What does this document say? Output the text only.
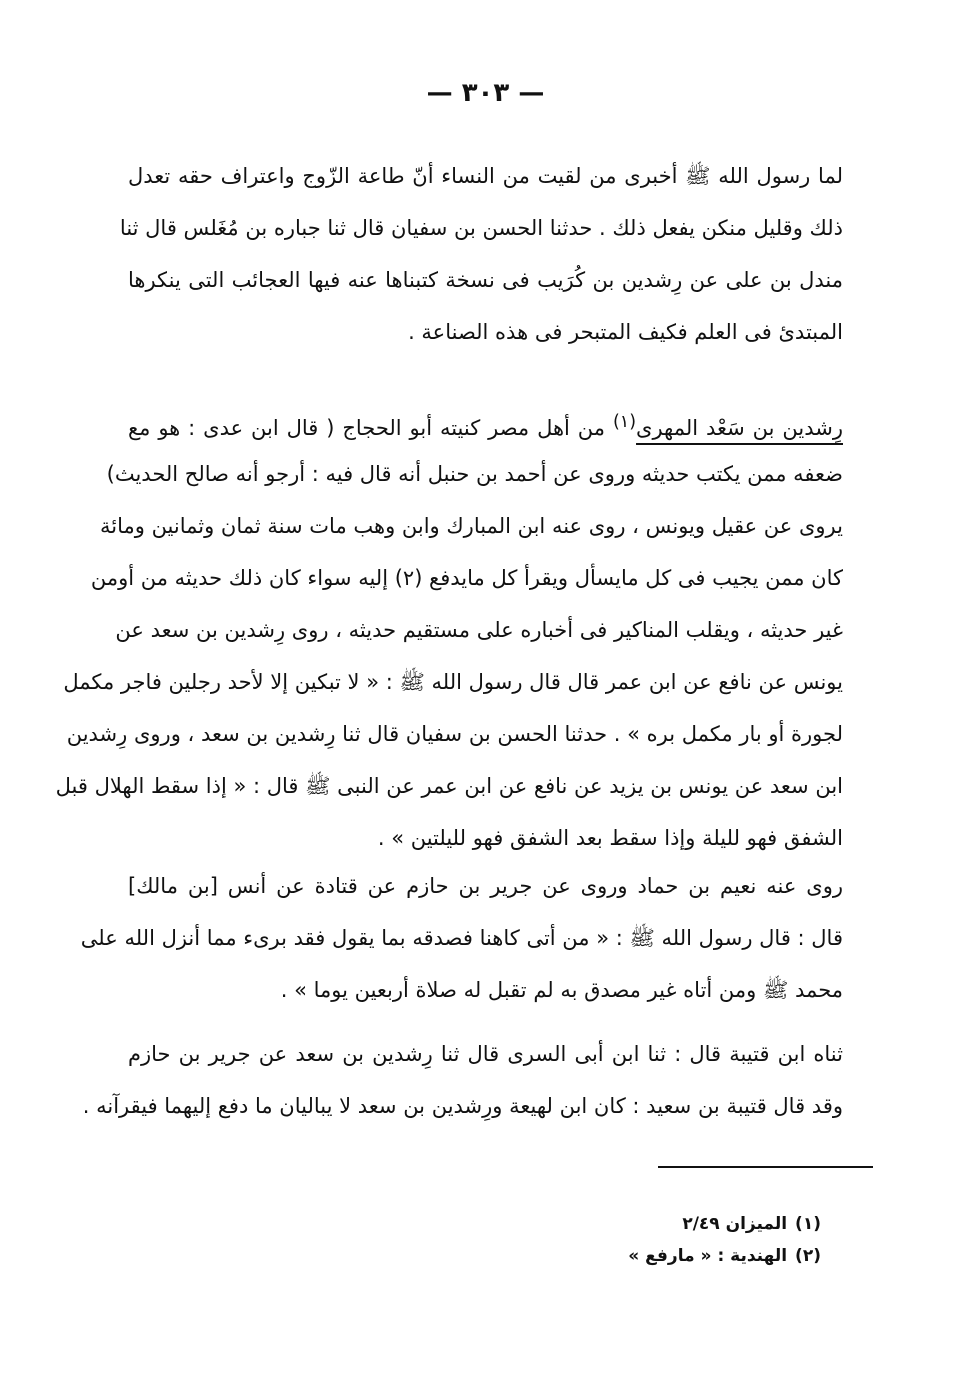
— ٣٠٣ —
لما رسول الله ﷺ أخبرى من لقيت من النساء أنّ طاعة الزّوج واعتراف حقه تعدل
ذلك وقليل منكن يفعل ذلك . حدثنا الحسن بن سفيان قال ثنا جباره بن مُغَلس قال ثنا
مندل بن على عن رِشدين بن كُرَيب فى نسخة كتبناها عنه فيها العجائب التى ينكرها
المبتدئ فى العلم فكيف المتبحر فى هذه الصناعة .
رِشدين بن سَعْد المهرى$^{(١)}$ من أهل مصر كنيته أبو الحجاج ( قال ابن عدى : هو مع
ضعفه ممن يكتب حديثه وروى عن أحمد بن حنبل أنه قال فيه : أرجو أنه صالح الحديث)
يروى عن عقيل ويونس ، روى عنه ابن المبارك وابن وهب مات سنة ثمان وثمانين ومائة
كان ممن يجيب فى كل مايسأل ويقرأ كل مايدفع (٢) إليه سواء كان ذلك حديثه من أومن
غير حديثه ، ويقلب المناكير فى أخباره على مستقيم حديثه ، روى رِشدين بن سعد عن
يونس عن نافع عن ابن عمر قال قال رسول الله ﷺ : « لا تبكين إلا لأحد رجلين فاجر مكمل
لجورة أو بار مكمل بره » . حدثنا الحسن بن سفيان قال ثنا رِشدين بن سعد ، وروى رِشدين
ابن سعد عن يونس بن يزيد عن نافع عن ابن عمر عن النبى ﷺ قال : « إذا سقط الهلال قبل
الشفق فهو لليلة وإذا سقط بعد الشفق فهو لليلتين » .
روى عنه نعيم بن حماد وروى عن جرير بن حازم عن قتادة عن أنس [بن مالك]
قال : قال رسول الله ﷺ : « من أتى كاهنا فصدقه بما يقول فقد برىء مما أنزل الله على
محمد ﷺ ومن أتاه غير مصدق به لم تقبل له صلاة أربعين يوما » .
ثناه ابن قتيبة قال : ثنا ابن أبى السرى قال ثنا رِشدين بن سعد عن جرير بن حازم
وقد قال قتيبة بن سعيد : كان ابن لهيعة ورِشدين بن سعد لا يباليان ما دفع إليهما فيقرآنه .
(١)الميزان ٢/٤٩
(٢)الهندية : « مارفع »
